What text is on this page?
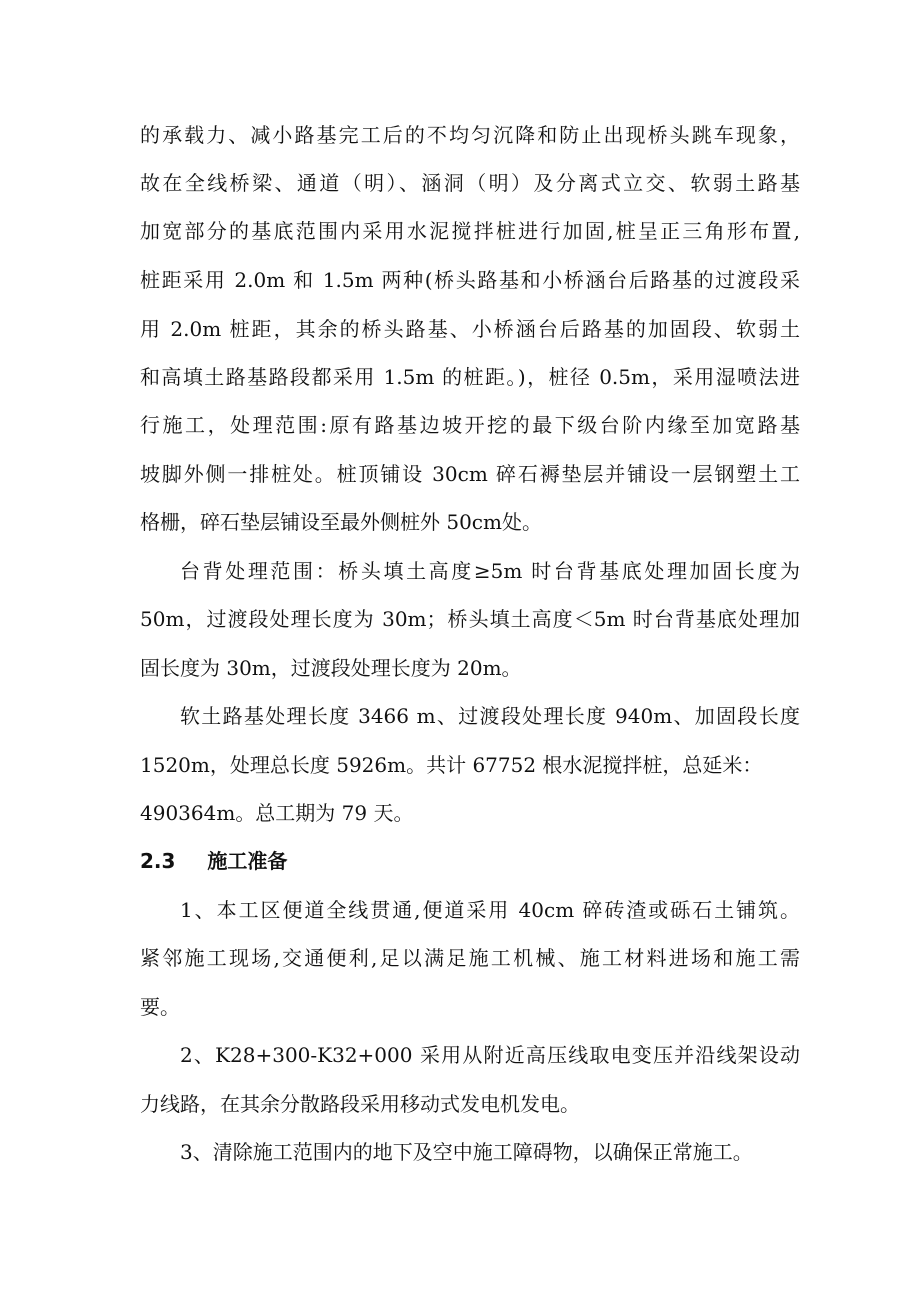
的承载力、减小路基完工后的不均匀沉降和防止出现桥头跳车现象，
故在全线桥梁、通道（明）、涵洞（明）及分离式立交、软弱土路基
加宽部分的基底范围内采用水泥搅拌桩进行加固,桩呈正三角形布置,
桩距采用 2.0m 和 1.5m 两种(桥头路基和小桥涵台后路基的过渡段采
用 2.0m 桩距，其余的桥头路基、小桥涵台后路基的加固段、软弱土
和高填土路基路段都采用 1.5m 的桩距。)，桩径 0.5m，采用湿喷法进
行施工，处理范围:原有路基边坡开挖的最下级台阶内缘至加宽路基
坡脚外侧一排桩处。桩顶铺设 30cm 碎石褥垫层并铺设一层钢塑土工
格栅，碎石垫层铺设至最外侧桩外 50cm处。
台背处理范围：桥头填土高度≥5m 时台背基底处理加固长度为
50m，过渡段处理长度为 30m；桥头填土高度＜5m 时台背基底处理加
固长度为 30m，过渡段处理长度为 20m。
软土路基处理长度 3466 m、过渡段处理长度 940m、加固段长度
1520m，处理总长度 5926m。共计 67752 根水泥搅拌桩，总延米：
490364m。总工期为 79 天。
2.3 施工准备
1、本工区便道全线贯通,便道采用 40cm 碎砖渣或砾石土铺筑。
紧邻施工现场,交通便利,足以满足施工机械、施工材料进场和施工需
要。
2、K28+300-K32+000 采用从附近高压线取电变压并沿线架设动
力线路，在其余分散路段采用移动式发电机发电。
3、清除施工范围内的地下及空中施工障碍物，以确保正常施工。
